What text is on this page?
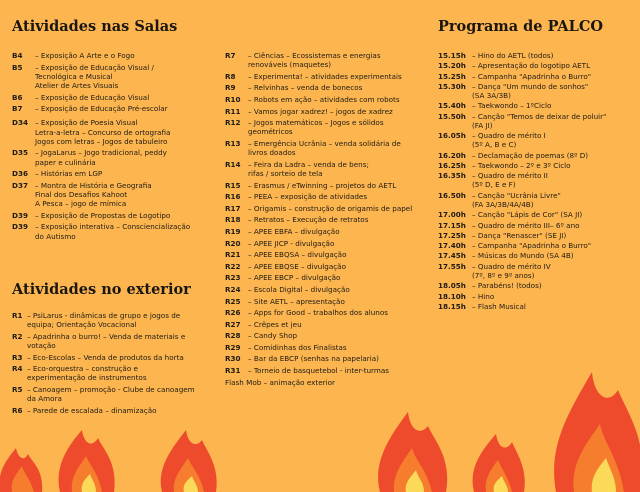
Atividades nas Salas
B4	– Exposição A Arte e o Fogo
B5	– Exposição de Educação Visual /
Tecnológica e Musical
Atelier de Artes Visuais
B6	– Exposição de Educação Visual
B7	– Exposição de Educação Pré-escolar
D34 – Exposição de Poesia Visual
Letra-a-letra – Concurso de ortografia
Jogos com letras – Jogos de tabuleiro
D35 – JogaLarus – Jogo tradicional, peddy
paper e culinária
D36 – Histórias em LGP
D37 – Montra de História e Geografia
Final dos Desafios Kahoot
A Pesca – jogo de mímica
D39 – Exposição de Propostas de Logotipo
D39 – Exposição interativa – Consciencialização
do Autismo
Atividades no exterior
R1 – PsiLarus - dinâmicas de grupo e jogos de
equipa; Orientação Vocacional
R2 – Apadrinha o burro! – Venda de materiais e
votação
R3 – Eco-Escolas – Venda de produtos da horta
R4 – Eco-orquestra – construção e
experimentação de instrumentos
R5 – Canoagem – promoção - Clube de canoagem
da Amora
R6 – Parede de escalada – dinamização
R7	– Ciências – Ecossistemas e energias
renováveis (maquetes)
R8	– Experimenta! – atividades experimentais
R9	– Relvinhas – venda de bonecos
R10	– Robots em ação – atividades com robots
R11	– Vamos jogar xadrez! – jogos de xadrez
R12	– Jogos matemáticos – Jogos e sólidos
geométricos
R13	– Emergência Ucrânia – venda solidária de
livros doados
R14	– Feira da Ladra – venda de bens;
rifas / sorteio de tela
R15	– Erasmus / eTwinning – projetos do AETL
R16	– PEEA – exposição de atividades
R17	– Origamis – construção de origamis de papel
R18	– Retratos – Execução de retratos
R19	– APEE EBFA – divulgação
R20	– APEE JICP - divulgação
R21	– APEE EBQSA – divulgação
R22	– APEE EBQSE – divulgação
R23	– APEE EBCP – divulgação
R24	– Escola Digital – divulgação
R25	– Site AETL – apresentação
R26	– Apps for Good – trabalhos dos alunos
R27	– Crêpes et jeu
R28	– Candy Shop
R29	– Comidinhas dos Finalistas
R30	– Bar da EBCP (senhas na papelaria)
R31	– Torneio de basquetebol - inter-turmas
Flash Mob – animação exterior
Programa de PALCO
15.15h – Hino do AETL (todos)
15.20h – Apresentação do logotipo AETL
15.25h – Campanha "Apadrinha o Burro"
15.30h – Dança "Um mundo de sonhos"
(SA 3A/3B)
15.40h – Taekwondo – 1ºCiclo
15.50h – Canção "Temos de deixar de poluir"
(FA JI)
16.05h – Quadro de mérito I
(5º A, B e C)
16.20h – Declamação de poemas (8º D)
16.25h – Taekwondo – 2º e 3º Ciclo
16.35h – Quadro de mérito II
(5º D, E e F)
16.50h – Canção "Ucrânia Livre"
(FA 3A/3B/4A/4B)
17.00h – Canção "Lápis de Cor" (SA JI)
17.15h – Quadro de mérito III– 6º ano
17.25h – Dança "Renascer" (SE JI)
17.40h – Campanha "Apadrinha o Burro"
17.45h – Músicas do Mundo (SA 4B)
17.55h – Quadro de mérito IV
(7º, 8º e 9º anos)
18.05h – Parabéns! (todos)
18.10h – Hino
18.15h – Flash Musical
